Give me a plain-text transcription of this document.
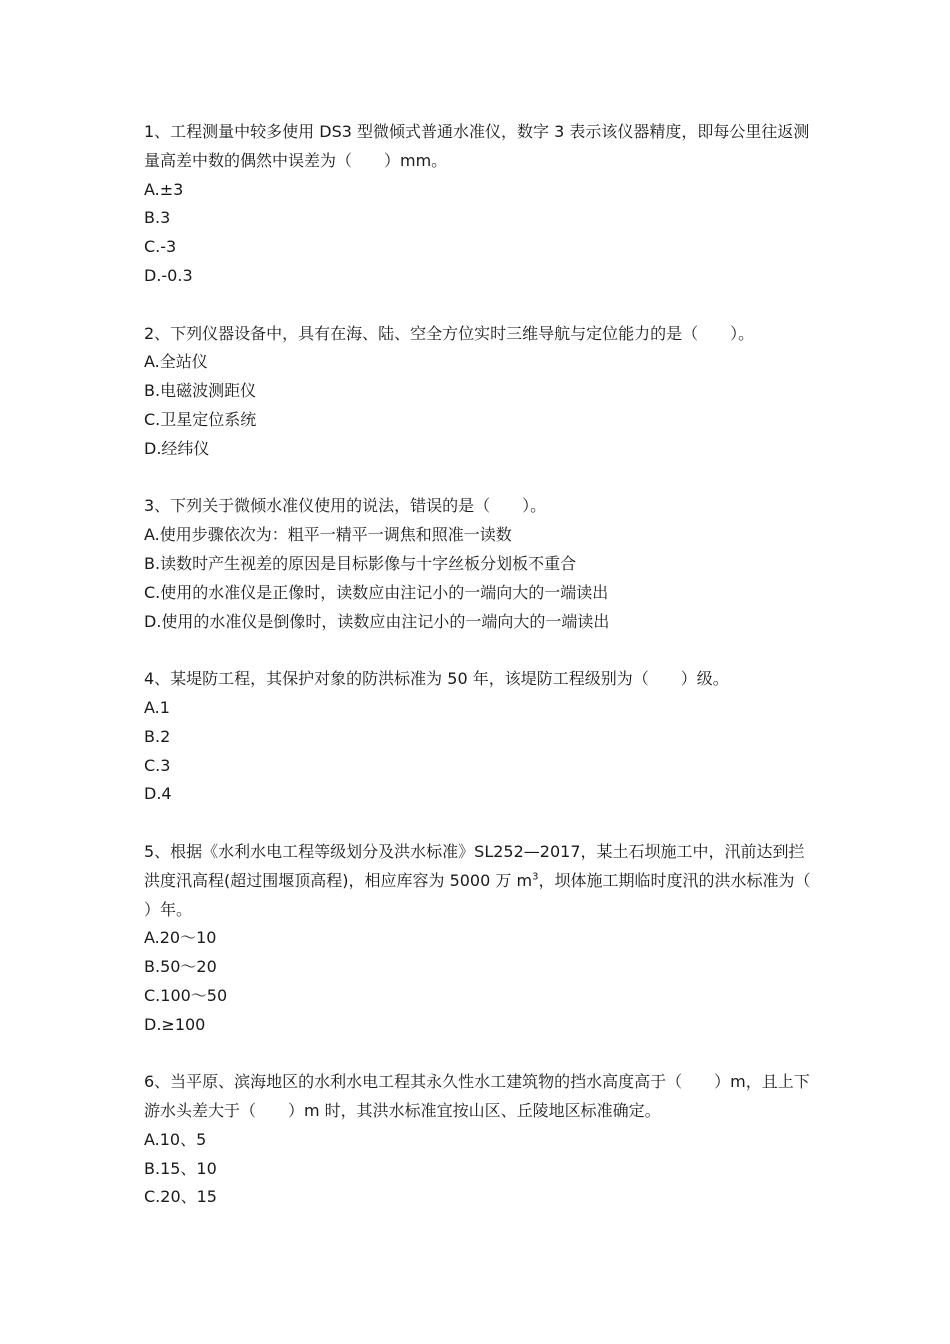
1、工程测量中较多使用 DS3 型微倾式普通水准仪，数字 3 表示该仪器精度，即每公里往返测量高差中数的偶然中误差为（　　）mm。

A.±3

B.3

C.-3

D.-0.3

2、下列仪器设备中，具有在海、陆、空全方位实时三维导航与定位能力的是（　　）。

A.全站仪

B.电磁波测距仪

C.卫星定位系统

D.经纬仪

3、下列关于微倾水准仪使用的说法，错误的是（　　）。

A.使用步骤依次为：粗平一精平一调焦和照准一读数

B.读数时产生视差的原因是目标影像与十字丝板分划板不重合

C.使用的水准仪是正像时，读数应由注记小的一端向大的一端读出

D.使用的水准仪是倒像时，读数应由注记小的一端向大的一端读出

4、某堤防工程，其保护对象的防洪标准为 50 年，该堤防工程级别为（　　）级。

A.1

B.2

C.3

D.4

5、根据《水利水电工程等级划分及洪水标准》SL252—2017，某土石坝施工中，汛前达到拦洪度汛高程(超过围堰顶高程)，相应库容为 5000 万 $m^3$，坝体施工期临时度汛的洪水标准为（　　）年。

A.20～10

B.50～20

C.100～50

D.≥100

6、当平原、滨海地区的水利水电工程其永久性水工建筑物的挡水高度高于（　　）m，且上下游水头差大于（　　）m 时，其洪水标准宜按山区、丘陵地区标准确定。

A.10、5

B.15、10

C.20、15
